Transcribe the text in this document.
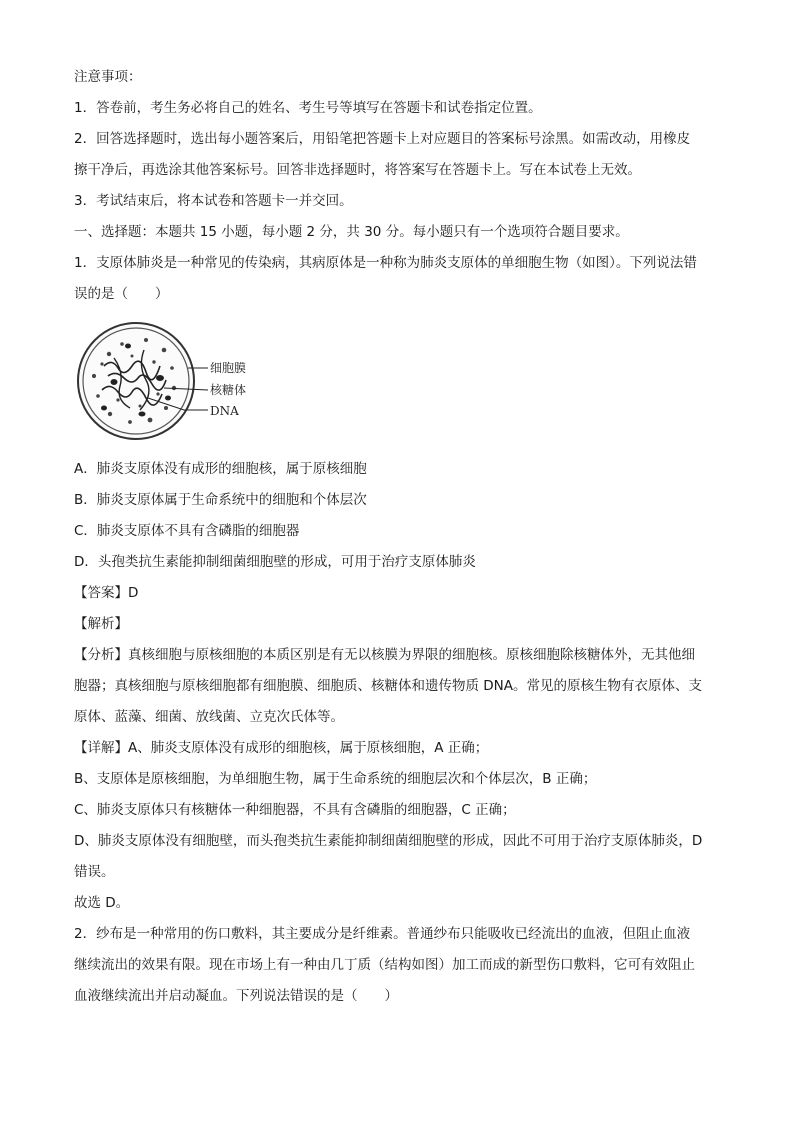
注意事项：
1．答卷前，考生务必将自己的姓名、考生号等填写在答题卡和试卷指定位置。
2．回答选择题时，选出每小题答案后，用铅笔把答题卡上对应题目的答案标号涂黑。如需改动，用橡皮
擦干净后，再选涂其他答案标号。回答非选择题时，将答案写在答题卡上。写在本试卷上无效。
3．考试结束后，将本试卷和答题卡一并交回。
一、选择题：本题共 15 小题，每小题 2 分，共 30 分。每小题只有一个选项符合题目要求。
1．支原体肺炎是一种常见的传染病，其病原体是一种称为肺炎支原体的单细胞生物（如图）。下列说法错
误的是（　　）
细胞膜
核糖体
DNA
A．肺炎支原体没有成形的细胞核，属于原核细胞
B．肺炎支原体属于生命系统中的细胞和个体层次
C．肺炎支原体不具有含磷脂的细胞器
D．头孢类抗生素能抑制细菌细胞壁的形成，可用于治疗支原体肺炎
【答案】D
【解析】
【分析】真核细胞与原核细胞的本质区别是有无以核膜为界限的细胞核。原核细胞除核糖体外，无其他细
胞器；真核细胞与原核细胞都有细胞膜、细胞质、核糖体和遗传物质 DNA。常见的原核生物有衣原体、支
原体、蓝藻、细菌、放线菌、立克次氏体等。
【详解】A、肺炎支原体没有成形的细胞核，属于原核细胞，A 正确；
B、支原体是原核细胞，为单细胞生物，属于生命系统的细胞层次和个体层次，B 正确；
C、肺炎支原体只有核糖体一种细胞器，不具有含磷脂的细胞器，C 正确；
D、肺炎支原体没有细胞壁，而头孢类抗生素能抑制细菌细胞壁的形成，因此不可用于治疗支原体肺炎，D
错误。
故选 D。
2．纱布是一种常用的伤口敷料，其主要成分是纤维素。普通纱布只能吸收已经流出的血液，但阻止血液
继续流出的效果有限。现在市场上有一种由几丁质（结构如图）加工而成的新型伤口敷料，它可有效阻止
血液继续流出并启动凝血。下列说法错误的是（　　）
